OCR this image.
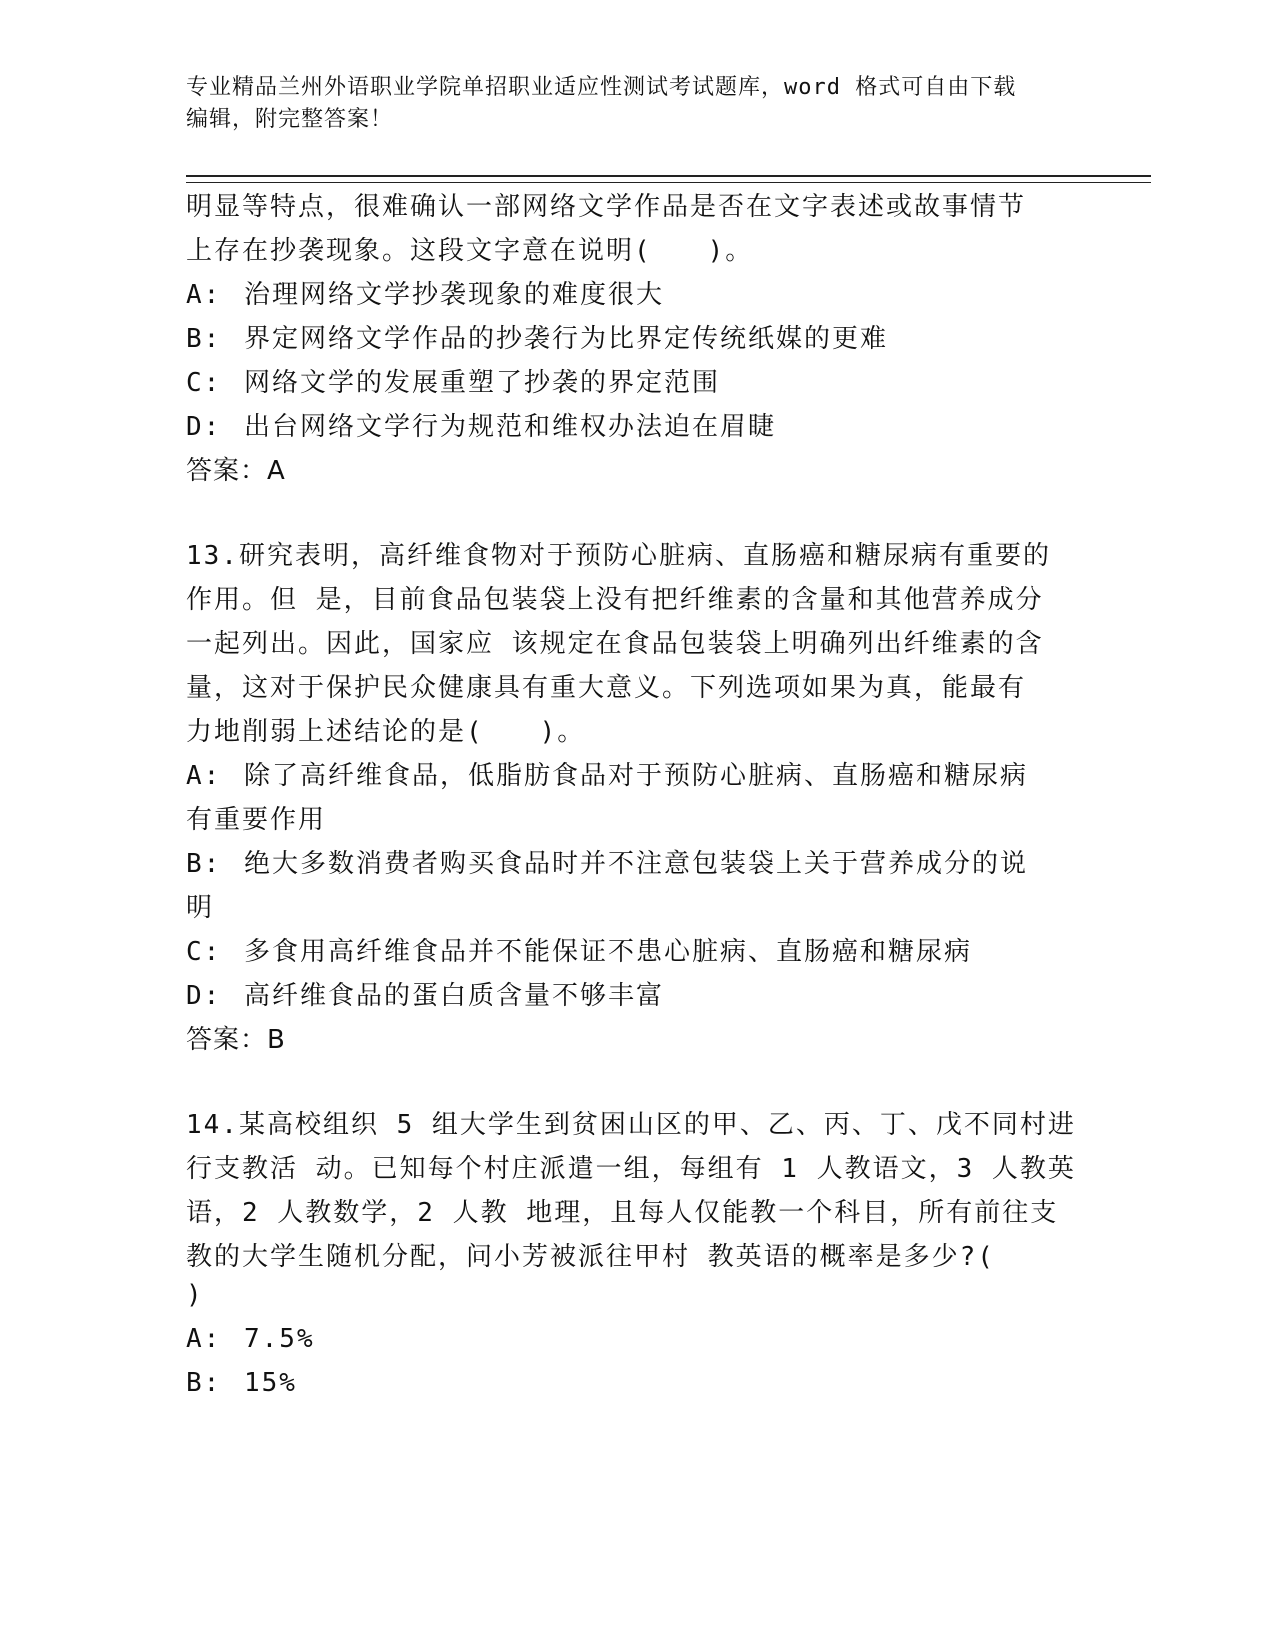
专业精品兰州外语职业学院单招职业适应性测试考试题库，word 格式可自由下载
编辑，附完整答案！
明显等特点，很难确认一部网络文学作品是否在文字表述或故事情节
上存在抄袭现象。这段文字意在说明(　　)。
A: 治理网络文学抄袭现象的难度很大
B: 界定网络文学作品的抄袭行为比界定传统纸媒的更难
C: 网络文学的发展重塑了抄袭的界定范围
D: 出台网络文学行为规范和维权办法迫在眉睫
答案：A
13.研究表明，高纤维食物对于预防心脏病、直肠癌和糖尿病有重要的
作用。但 是，目前食品包装袋上没有把纤维素的含量和其他营养成分
一起列出。因此，国家应 该规定在食品包装袋上明确列出纤维素的含
量，这对于保护民众健康具有重大意义。下列选项如果为真，能最有
力地削弱上述结论的是(　　)。
A: 除了高纤维食品，低脂肪食品对于预防心脏病、直肠癌和糖尿病
有重要作用
B: 绝大多数消费者购买食品时并不注意包装袋上关于营养成分的说
明
C: 多食用高纤维食品并不能保证不患心脏病、直肠癌和糖尿病
D: 高纤维食品的蛋白质含量不够丰富
答案：B
14.某高校组织 5 组大学生到贫困山区的甲、乙、丙、丁、戊不同村进
行支教活 动。已知每个村庄派遣一组，每组有 1 人教语文，3 人教英
语，2 人教数学，2 人教 地理，且每人仅能教一个科目，所有前往支
教的大学生随机分配，问小芳被派往甲村 教英语的概率是多少?(
)
A: 7.5%
B: 15%
